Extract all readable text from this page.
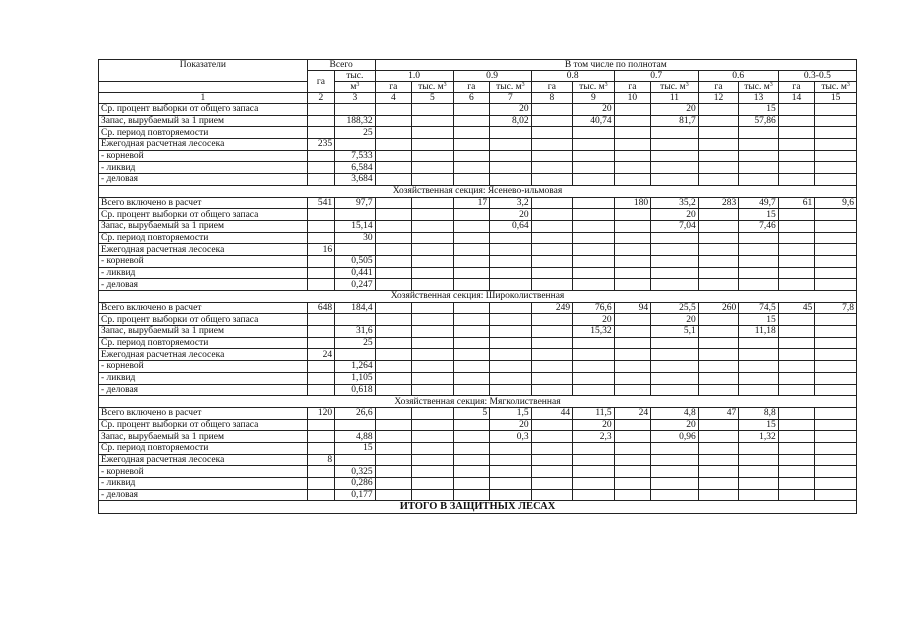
Показатели	Всего		В том числе по полнотам											
	га	тыс.	1.0		0.9		0.8		0.7		0.6		0.3-0.5	
		$м^3$	га	тыс. $м^3$	га	тыс. $м^3$	га	тыс. $м^3$	га	тыс. $м^3$	га	тыс. $м^3$	га	тыс. $м^3$
1	2	3	4	5	6	7	8	9	10	11	12	13	14	15
Ср. процент выборки от общего запаса						20		20		20		15		
Запас, вырубаемый за 1 прием		188,32				8,02		40,74		81,7		57,86		
Ср. период повторяемости		25												
Ежегодная расчетная лесосека	235													
- корневой		7,533												
- ликвид		6,584												
- деловая		3,684												
Хозяйственная секция: Ясенево-ильмовая														
Всего включено в расчет	541	97,7			17	3,2			180	35,2	283	49,7	61	9,6
Ср. процент выборки от общего запаса						20				20		15		
Запас, вырубаемый за 1 прием		15,14				0,64				7,04		7,46		
Ср. период повторяемости		30												
Ежегодная расчетная лесосека	16													
- корневой		0,505												
- ликвид		0,441												
- деловая		0,247												
Хозяйственная секция: Широколиственная														
Всего включено в расчет	648	184,4					249	76,6	94	25,5	260	74,5	45	7,8
Ср. процент выборки от общего запаса								20		20		15		
Запас, вырубаемый за 1 прием		31,6						15,32		5,1		11,18		
Ср. период повторяемости		25												
Ежегодная расчетная лесосека	24													
- корневой		1,264												
- ликвид		1,105												
- деловая		0,618												
Хозяйственная секция: Мягколиственная														
Всего включено в расчет	120	26,6			5	1,5	44	11,5	24	4,8	47	8,8		
Ср. процент выборки от общего запаса						20		20		20		15		
Запас, вырубаемый за 1 прием		4,88				0,3		2,3		0,96		1,32		
Ср. период повторяемости		15												
Ежегодная расчетная лесосека	8													
- корневой		0,325												
- ликвид		0,286												
- деловая		0,177												
ИТОГО В ЗАЩИТНЫХ ЛЕСАХ														
